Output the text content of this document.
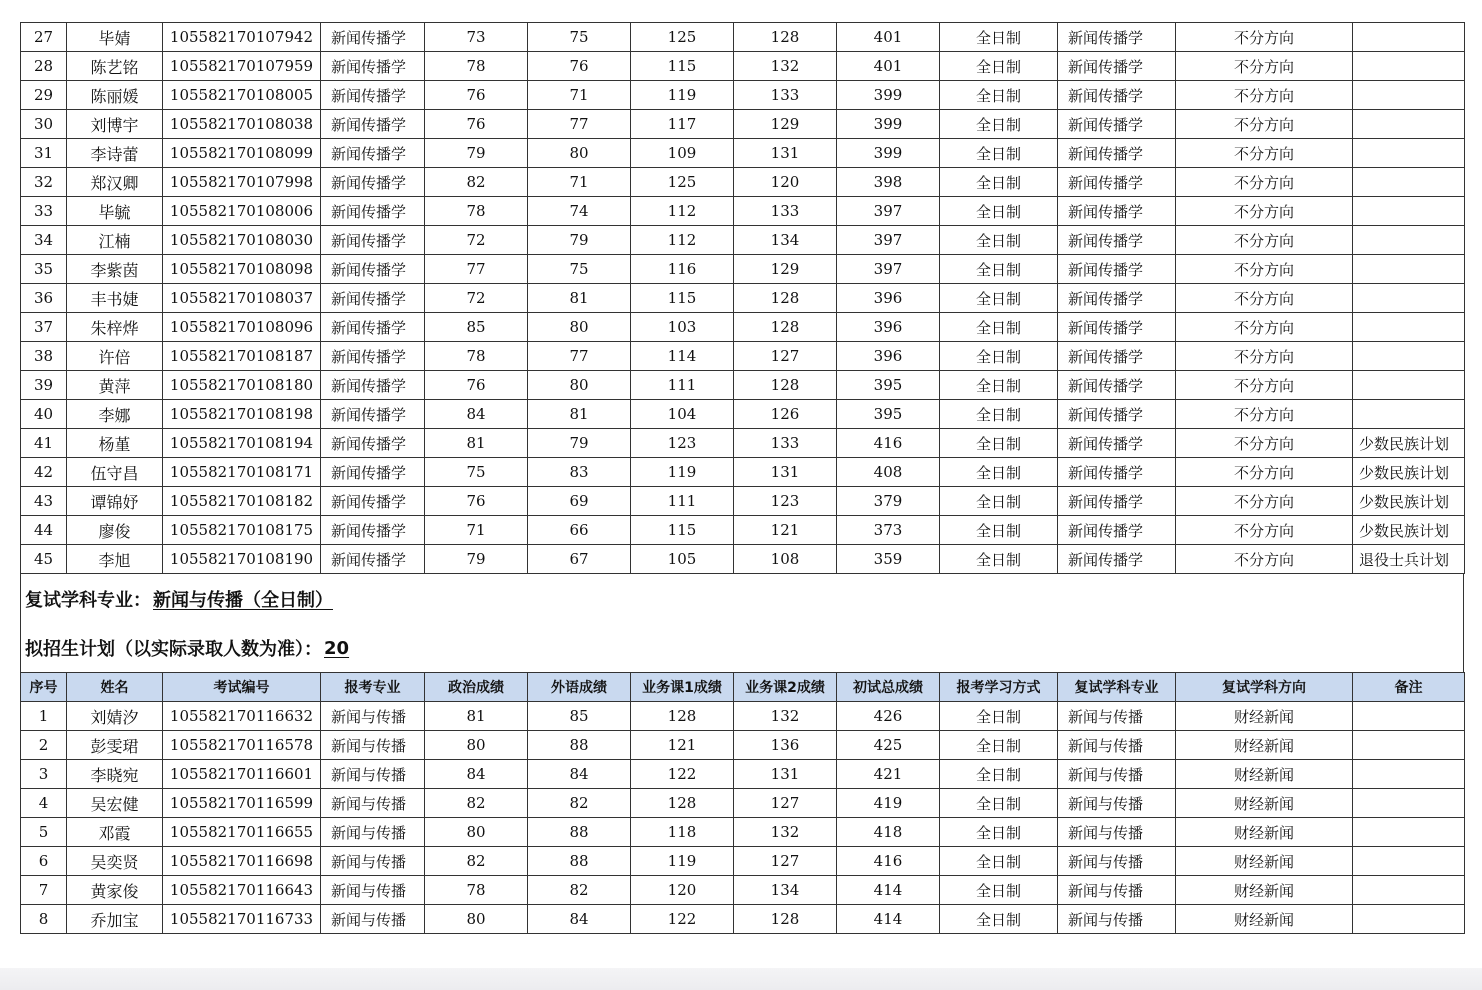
27	毕婧	105582170107942	新闻传播学	73	75	125	128	401	全日制	新闻传播学	不分方向	
28	陈艺铭	105582170107959	新闻传播学	78	76	115	132	401	全日制	新闻传播学	不分方向	
29	陈丽媛	105582170108005	新闻传播学	76	71	119	133	399	全日制	新闻传播学	不分方向	
30	刘博宇	105582170108038	新闻传播学	76	77	117	129	399	全日制	新闻传播学	不分方向	
31	李诗蕾	105582170108099	新闻传播学	79	80	109	131	399	全日制	新闻传播学	不分方向	
32	郑汉卿	105582170107998	新闻传播学	82	71	125	120	398	全日制	新闻传播学	不分方向	
33	毕毓	105582170108006	新闻传播学	78	74	112	133	397	全日制	新闻传播学	不分方向	
34	江楠	105582170108030	新闻传播学	72	79	112	134	397	全日制	新闻传播学	不分方向	
35	李紫茵	105582170108098	新闻传播学	77	75	116	129	397	全日制	新闻传播学	不分方向	
36	丰书婕	105582170108037	新闻传播学	72	81	115	128	396	全日制	新闻传播学	不分方向	
37	朱梓烨	105582170108096	新闻传播学	85	80	103	128	396	全日制	新闻传播学	不分方向	
38	许倍	105582170108187	新闻传播学	78	77	114	127	396	全日制	新闻传播学	不分方向	
39	黄萍	105582170108180	新闻传播学	76	80	111	128	395	全日制	新闻传播学	不分方向	
40	李娜	105582170108198	新闻传播学	84	81	104	126	395	全日制	新闻传播学	不分方向	
41	杨堇	105582170108194	新闻传播学	81	79	123	133	416	全日制	新闻传播学	不分方向	少数民族计划
42	伍守昌	105582170108171	新闻传播学	75	83	119	131	408	全日制	新闻传播学	不分方向	少数民族计划
43	谭锦妤	105582170108182	新闻传播学	76	69	111	123	379	全日制	新闻传播学	不分方向	少数民族计划
44	廖俊	105582170108175	新闻传播学	71	66	115	121	373	全日制	新闻传播学	不分方向	少数民族计划
45	李旭	105582170108190	新闻传播学	79	67	105	108	359	全日制	新闻传播学	不分方向	退役士兵计划
复试学科专业： 新闻与传播（全日制）
拟招生计划（以实际录取人数为准）： 20
序号	姓名	考试编号	报考专业	政治成绩	外语成绩	业务课1成绩	业务课2成绩	初试总成绩	报考学习方式	复试学科专业	复试学科方向	备注
1	刘婧汐	105582170116632	新闻与传播	81	85	128	132	426	全日制	新闻与传播	财经新闻	
2	彭雯珺	105582170116578	新闻与传播	80	88	121	136	425	全日制	新闻与传播	财经新闻	
3	李晓宛	105582170116601	新闻与传播	84	84	122	131	421	全日制	新闻与传播	财经新闻	
4	吴宏健	105582170116599	新闻与传播	82	82	128	127	419	全日制	新闻与传播	财经新闻	
5	邓霞	105582170116655	新闻与传播	80	88	118	132	418	全日制	新闻与传播	财经新闻	
6	吴奕贤	105582170116698	新闻与传播	82	88	119	127	416	全日制	新闻与传播	财经新闻	
7	黄家俊	105582170116643	新闻与传播	78	82	120	134	414	全日制	新闻与传播	财经新闻	
8	乔加宝	105582170116733	新闻与传播	80	84	122	128	414	全日制	新闻与传播	财经新闻	
